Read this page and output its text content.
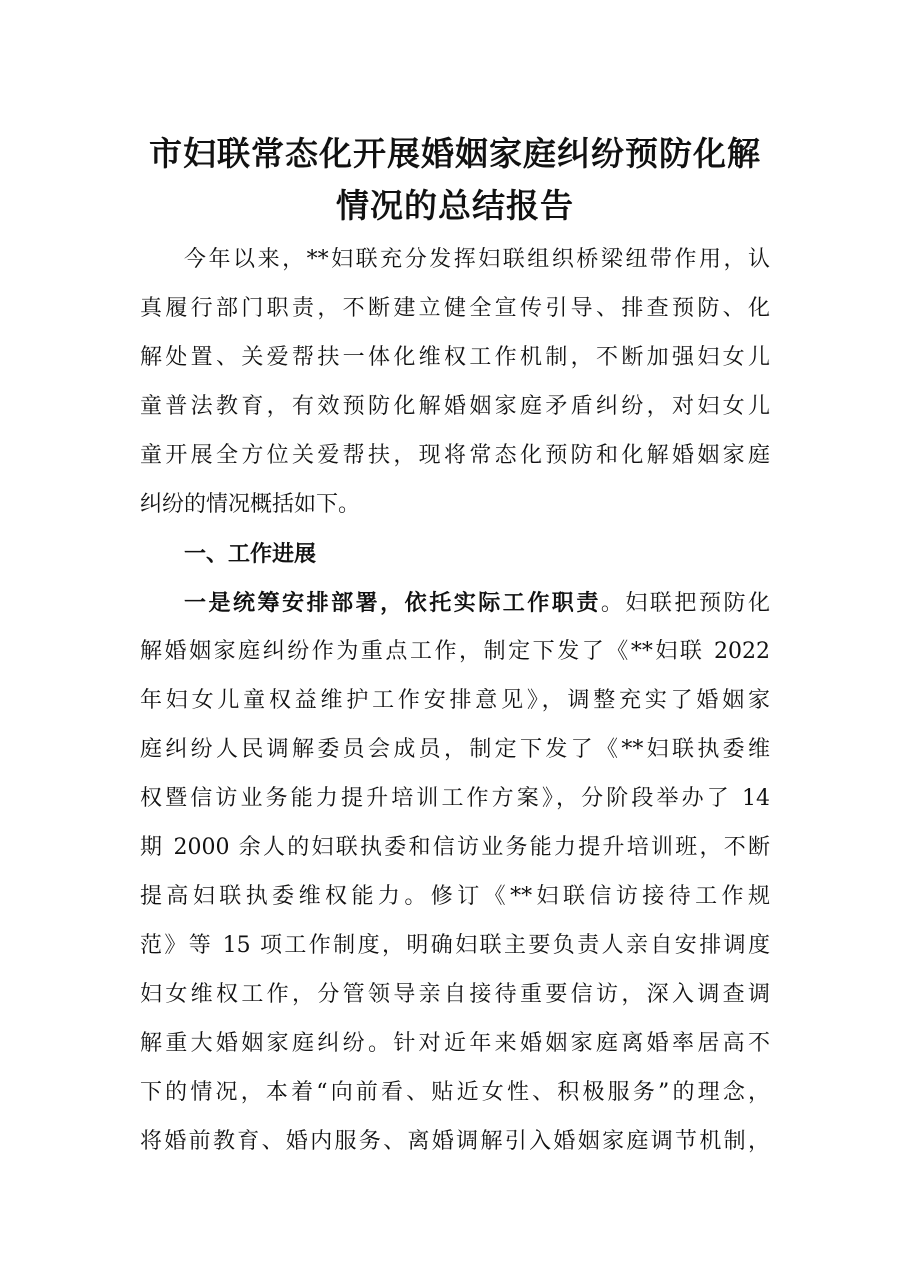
市妇联常态化开展婚姻家庭纠纷预防化解
情况的总结报告
今年以来，**妇联充分发挥妇联组织桥梁纽带作用，认
真履行部门职责，不断建立健全宣传引导、排查预防、化
解处置、关爱帮扶一体化维权工作机制，不断加强妇女儿
童普法教育，有效预防化解婚姻家庭矛盾纠纷，对妇女儿
童开展全方位关爱帮扶，现将常态化预防和化解婚姻家庭
纠纷的情况概括如下。
一、工作进展
一是统筹安排部署，依托实际工作职责。妇联把预防化
解婚姻家庭纠纷作为重点工作，制定下发了《**妇联 2022
年妇女儿童权益维护工作安排意见》，调整充实了婚姻家
庭纠纷人民调解委员会成员，制定下发了《**妇联执委维
权暨信访业务能力提升培训工作方案》，分阶段举办了 14
期 2000 余人的妇联执委和信访业务能力提升培训班，不断
提高妇联执委维权能力。修订《**妇联信访接待工作规
范》等 15 项工作制度，明确妇联主要负责人亲自安排调度
妇女维权工作，分管领导亲自接待重要信访，深入调查调
解重大婚姻家庭纠纷。针对近年来婚姻家庭离婚率居高不
下的情况，本着“向前看、贴近女性、积极服务”的理念，
将婚前教育、婚内服务、离婚调解引入婚姻家庭调节机制，
